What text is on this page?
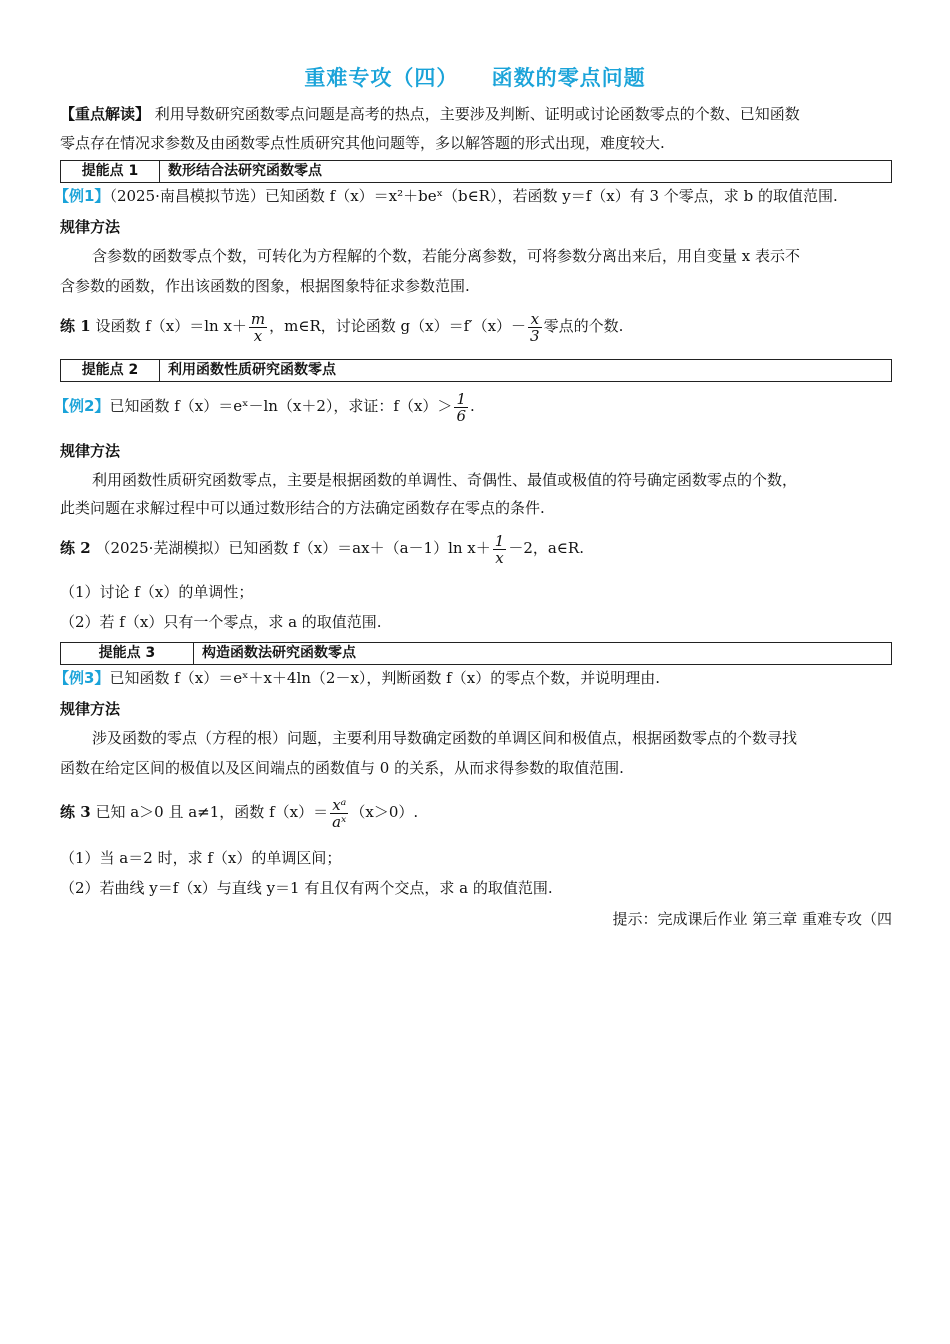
重难专攻（四）    函数的零点问题
【重点解读】 利用导数研究函数零点问题是高考的热点，主要涉及判断、证明或讨论函数零点的个数、已知函数
零点存在情况求参数及由函数零点性质研究其他问题等，多以解答题的形式出现，难度较大.
提能点 1	数形结合法研究函数零点
【例1】（2025·南昌模拟节选）已知函数 f（x）＝x²＋beˣ（b∈R），若函数 y＝f（x）有 3 个零点，求 b 的取值范围.
规律方法
含参数的函数零点个数，可转化为方程解的个数，若能分离参数，可将参数分离出来后，用自变量 x 表示不
含参数的函数，作出该函数的图象，根据图象特征求参数范围.
练 1 设函数 f（x）＝ln $x+ \frac{m}{x}$ ，m∈R，讨论函数 $g(x)=f'(x)- \frac{x}{3}$ 零点的个数.
提能点 2	利用函数性质研究函数零点
【例2】已知函数 f（x）＝eˣ－ln（x＋2），求证：$f(x)> \frac{1}{6}$ .
规律方法
利用函数性质研究函数零点，主要是根据函数的单调性、奇偶性、最值或极值的符号确定函数零点的个数，
此类问题在求解过程中可以通过数形结合的方法确定函数存在零点的条件.
练 2 （2025·芜湖模拟）已知函数 f（x）＝ax＋（a－1）ln $x+ \frac{1}{x} -2$，a∈R.
（1）讨论 f（x）的单调性；
（2）若 f（x）只有一个零点，求 a 的取值范围.
提能点 3	构造函数法研究函数零点
【例3】已知函数 f（x）＝eˣ＋x＋4ln（2－x），判断函数 f（x）的零点个数，并说明理由.
规律方法
涉及函数的零点（方程的根）问题，主要利用导数确定函数的单调区间和极值点，根据函数零点的个数寻找
函数在给定区间的极值以及区间端点的函数值与 0 的关系，从而求得参数的取值范围.
练 3 已知 a＞0 且 a≠1，函数 $f(x)= \frac{\text{xᵃ}}{\text{aˣ}} (x>0)$.
（1）当 a＝2 时，求 f（x）的单调区间；
（2）若曲线 y＝f（x）与直线 y＝1 有且仅有两个交点，求 a 的取值范围.
提示：完成课后作业 第三章 重难专攻（四
